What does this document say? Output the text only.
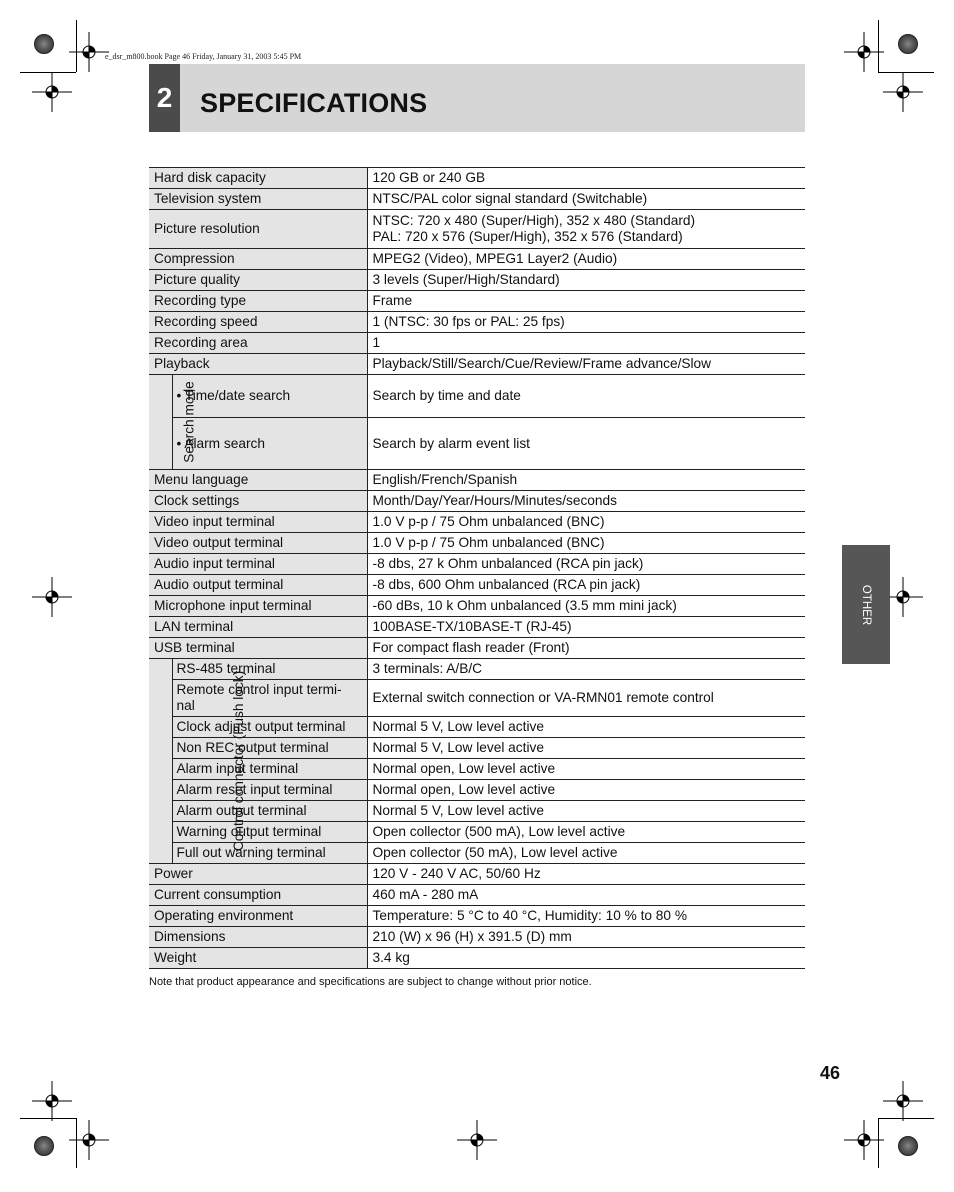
e_dsr_m800.book Page 46 Friday, January 31, 2003 5:45 PM
2 SPECIFICATIONS
OTHER
Hard disk capacity		120 GB or 240 GB
Television system		NTSC/PAL color signal standard (Switchable)
Picture resolution		NTSC: 720 x 480 (Super/High), 352 x 480 (Standard)
PAL: 720 x 576 (Super/High), 352 x 576 (Standard)

Compression		MPEG2 (Video), MPEG1 Layer2 (Audio)
Picture quality		3 levels (Super/High/Standard)
Recording type		Frame
Recording speed		1 (NTSC: 30 fps or PAL: 25 fps)
Recording area		1
Playback		Playback/Still/Search/Cue/Review/Frame advance/Slow
Search mode	• Time/date search	Search by time and date
	• Alarm search	Search by alarm event list
Menu language		English/French/Spanish
Clock settings		Month/Day/Year/Hours/Minutes/seconds
Video input terminal		1.0 V p-p / 75 Ohm unbalanced (BNC)
Video output terminal		1.0 V p-p / 75 Ohm unbalanced (BNC)
Audio input terminal		-8 dbs, 27 k Ohm unbalanced (RCA pin jack)
Audio output terminal		-8 dbs, 600 Ohm unbalanced (RCA pin jack)
Microphone input terminal		-60 dBs, 10 k Ohm unbalanced (3.5 mm mini jack)
LAN terminal		100BASE-TX/10BASE-T (RJ-45)
USB terminal		For compact flash reader (Front)
Control connector (Push lock)	RS-485 terminal	3 terminals: A/B/C

	Remote control input termi-
nal	External switch connection or VA-RMN01 remote control
	Clock adjust output terminal	Normal 5 V, Low level active
	Non REC output terminal	Normal 5 V, Low level active
	Alarm input terminal	Normal open, Low level active
	Alarm reset input terminal	Normal open, Low level active
	Alarm output terminal	Normal 5 V, Low level active
	Warning output terminal	Open collector (500 mA), Low level active
	Full out warning terminal	Open collector (50 mA), Low level active
Power		120 V - 240 V AC, 50/60 Hz
Current consumption		460 mA - 280 mA
Operating environment		Temperature: 5 °C to 40 °C, Humidity: 10 % to 80 %
Dimensions		210 (W) x 96 (H) x 391.5 (D) mm
Weight		3.4 kg
Note that product appearance and specifications are subject to change without prior notice.
46
